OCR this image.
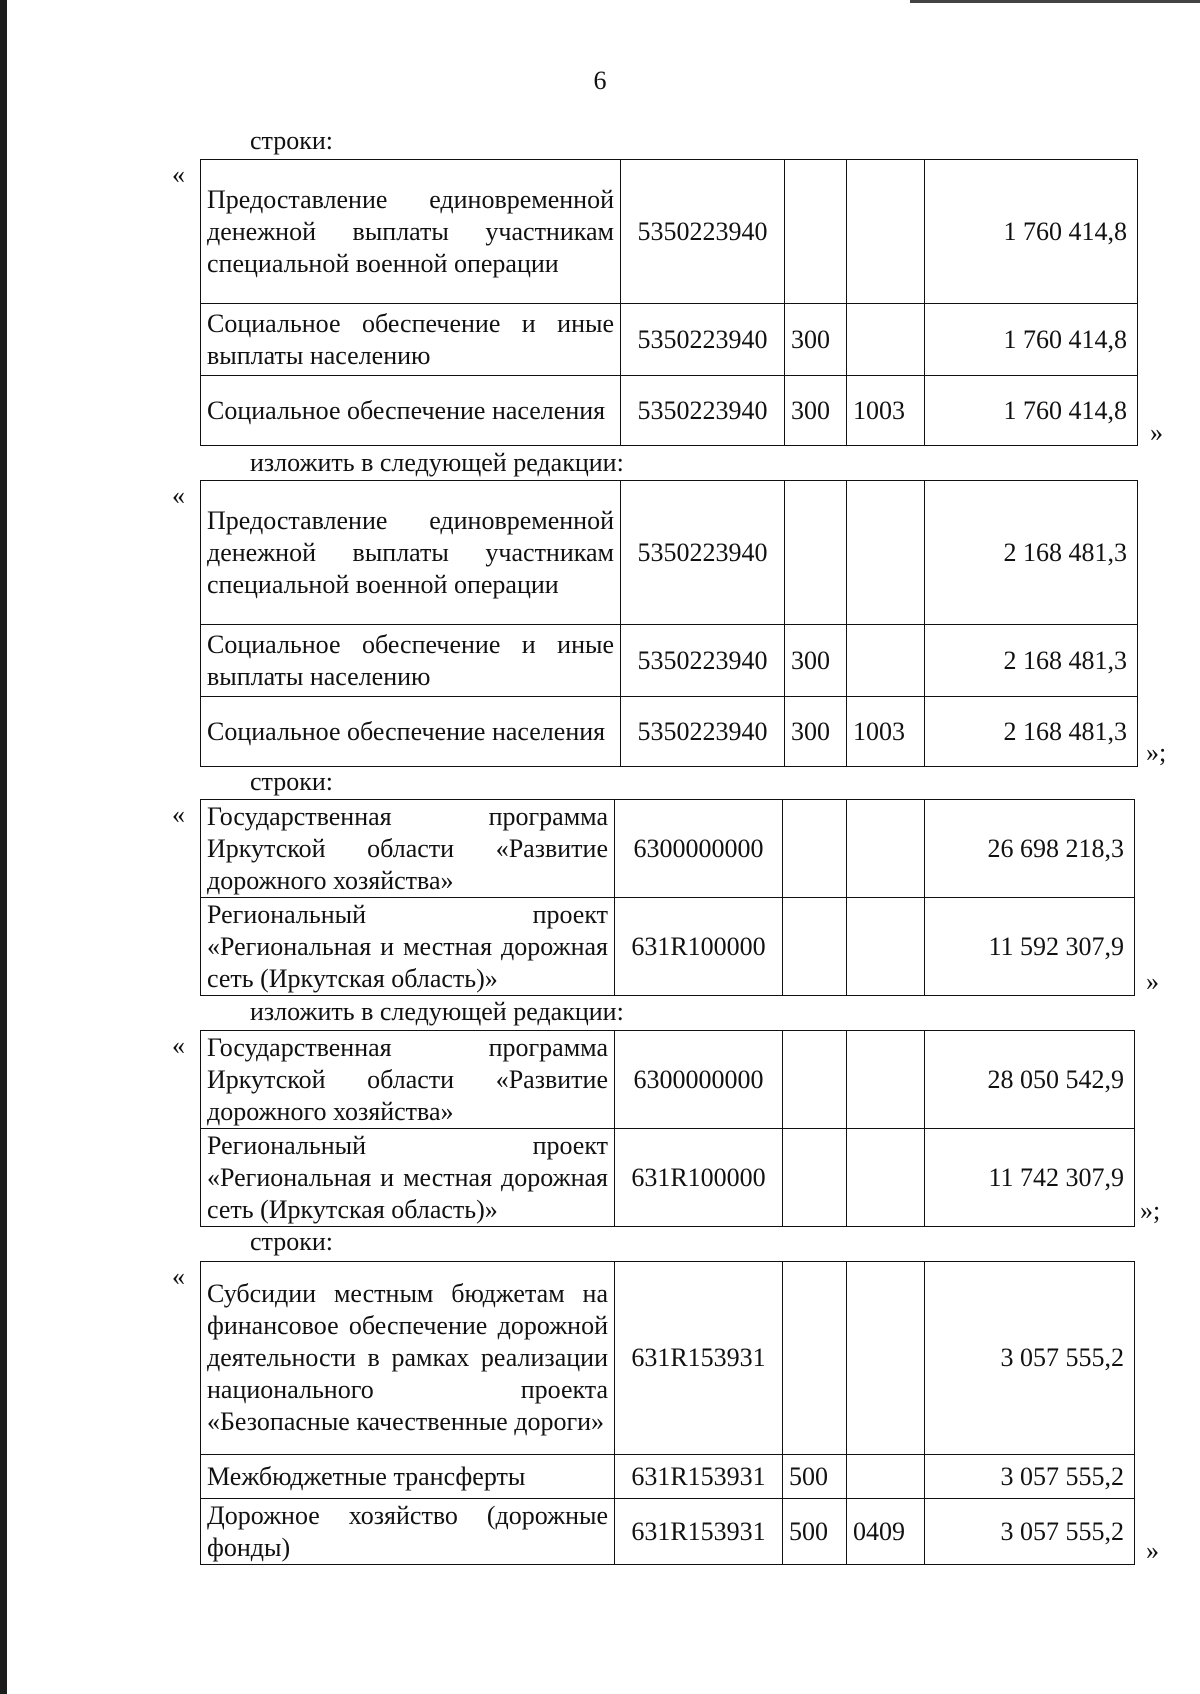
6
строки:
«
Предоставление единовременной денежной выплаты участникам специальной военной операции	5350223940			1 760 414,8
Социальное обеспечение и иные выплаты населению	5350223940	300		1 760 414,8
Социальное обеспечение населения	5350223940	300	1003	1 760 414,8
»
изложить в следующей редакции:
«
Предоставление единовременной денежной выплаты участникам специальной военной операции	5350223940			2 168 481,3
Социальное обеспечение и иные выплаты населению	5350223940	300		2 168 481,3
Социальное обеспечение населения	5350223940	300	1003	2 168 481,3
»;
строки:
« Государственная программа Иркутской области «Развитие дорожного хозяйства»	6300000000			26 698 218,3
Региональный проект «Региональная и местная дорожная сеть (Иркутская область)»	631R100000			11 592 307,9
»
изложить в следующей редакции:
« Государственная программа Иркутской области «Развитие дорожного хозяйства»	6300000000			28 050 542,9
Региональный проект «Региональная и местная дорожная сеть (Иркутская область)»	631R100000			11 742 307,9
»;
строки:
«
Субсидии местным бюджетам на финансовое обеспечение дорожной деятельности в рамках реализации национального проекта «Безопасные качественные дороги»	631R153931			3 057 555,2
Межбюджетные трансферты	631R153931	500		3 057 555,2
Дорожное хозяйство (дорожные фонды)	631R153931	500	0409	3 057 555,2
»
